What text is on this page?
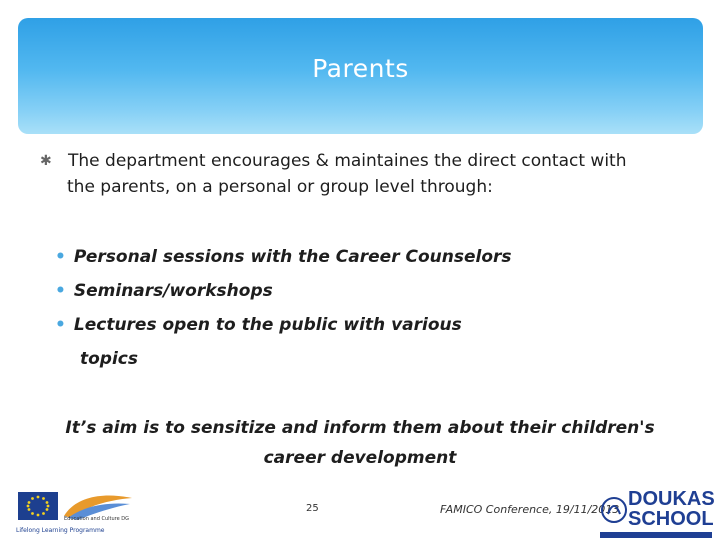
Parents
✱ The department encourages & maintaines the direct contact with
the parents, on a personal or group level through:
• Personal sessions with the Career Counselors
• Seminars/workshops
• Lectures open to the public with various
topics
It’s aim is to sensitize and inform them about their children's
career development
Education and Culture DG
Lifelong Learning Programme
25	FAMICO Conference, 19/11/2013 DOUKAS
SCHOOL
